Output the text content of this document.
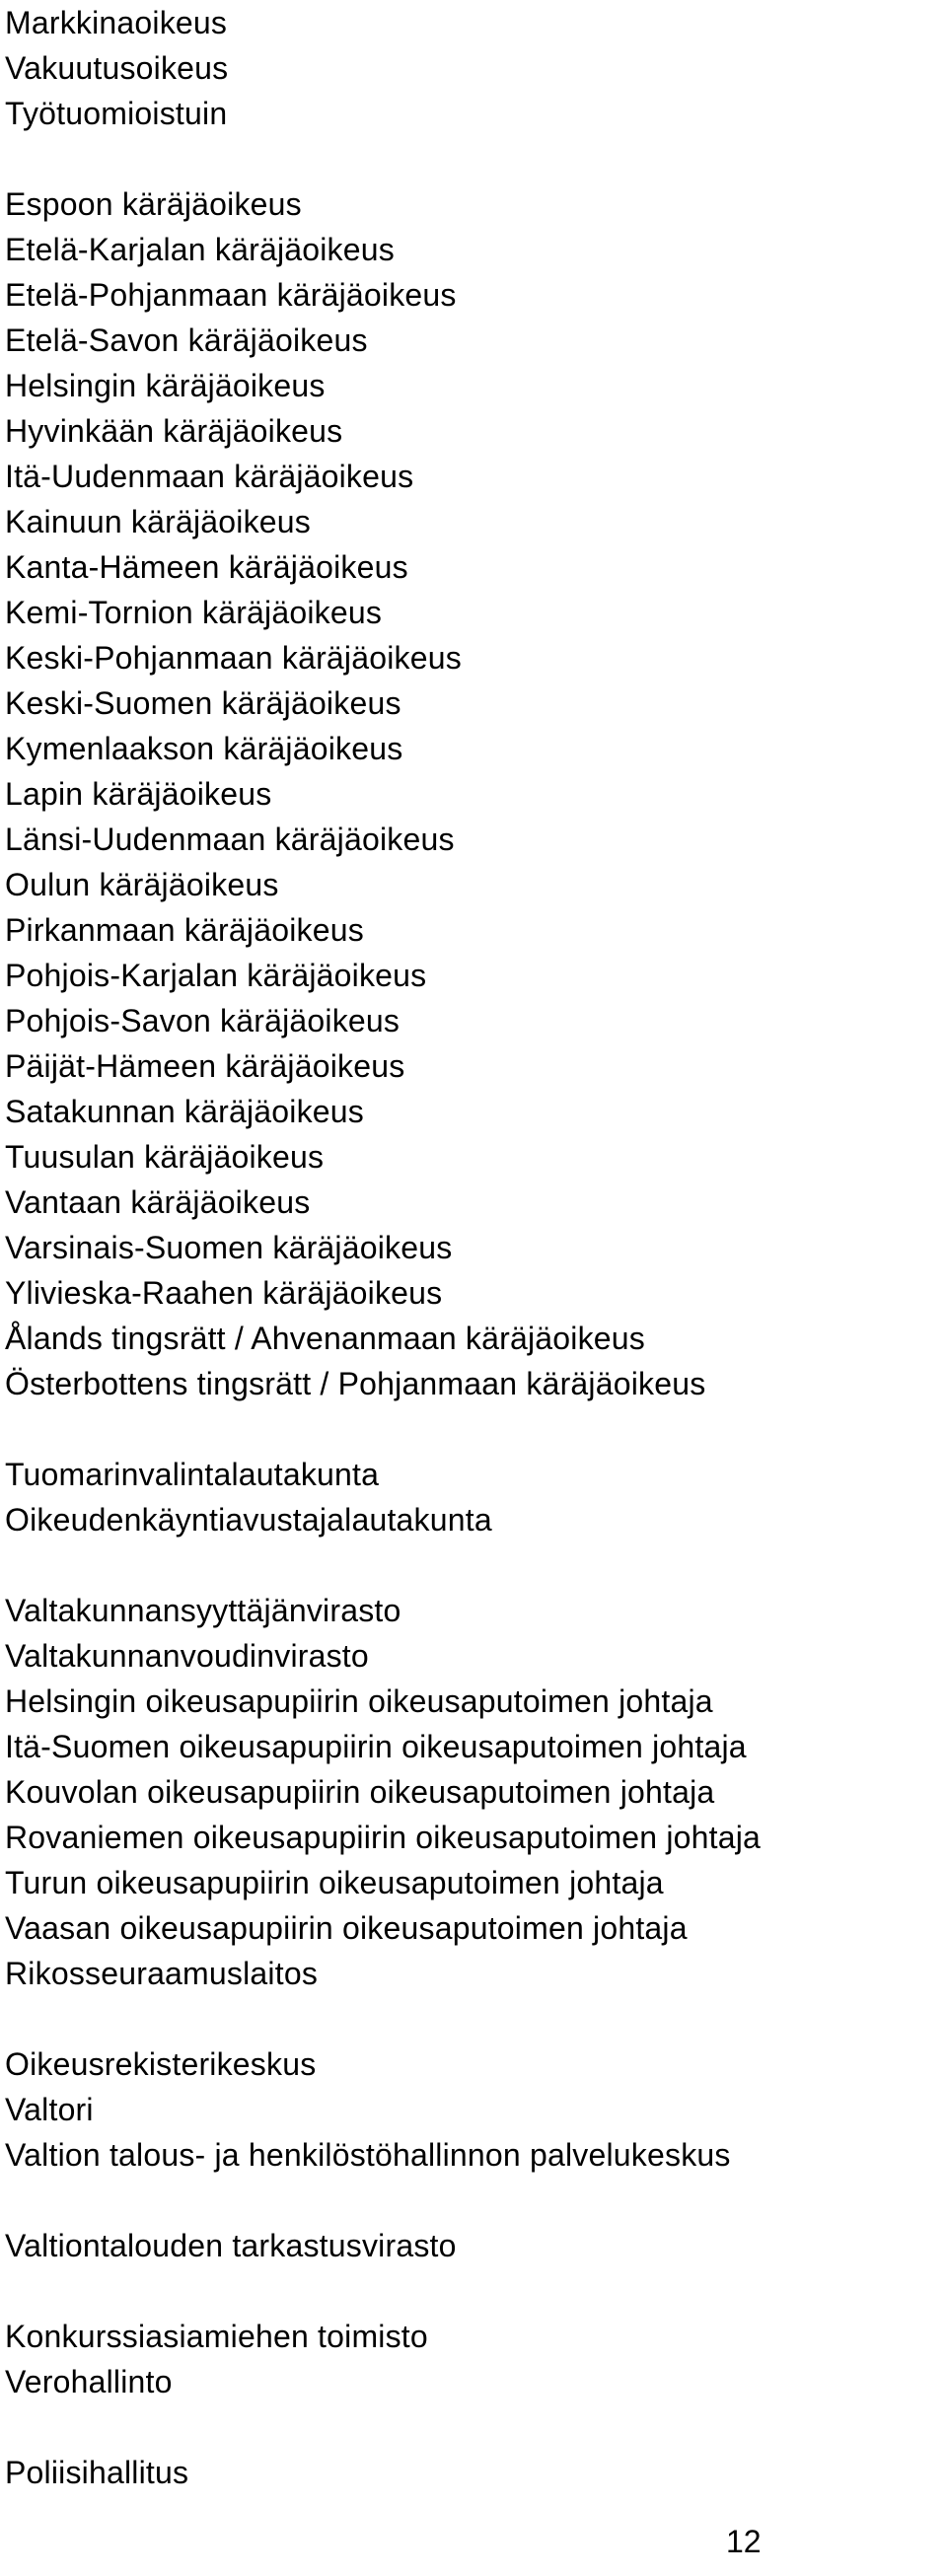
Markkinaoikeus
Vakuutusoikeus
Työtuomioistuin
Espoon käräjäoikeus
Etelä-Karjalan käräjäoikeus
Etelä-Pohjanmaan käräjäoikeus
Etelä-Savon käräjäoikeus
Helsingin käräjäoikeus
Hyvinkään käräjäoikeus
Itä-Uudenmaan käräjäoikeus
Kainuun käräjäoikeus
Kanta-Hämeen käräjäoikeus
Kemi-Tornion käräjäoikeus
Keski-Pohjanmaan käräjäoikeus
Keski-Suomen käräjäoikeus
Kymenlaakson käräjäoikeus
Lapin käräjäoikeus
Länsi-Uudenmaan käräjäoikeus
Oulun käräjäoikeus
Pirkanmaan käräjäoikeus
Pohjois-Karjalan käräjäoikeus
Pohjois-Savon käräjäoikeus
Päijät-Hämeen käräjäoikeus
Satakunnan käräjäoikeus
Tuusulan käräjäoikeus
Vantaan käräjäoikeus
Varsinais-Suomen käräjäoikeus
Ylivieska-Raahen käräjäoikeus
Ålands tingsrätt / Ahvenanmaan käräjäoikeus
Österbottens tingsrätt / Pohjanmaan käräjäoikeus
Tuomarinvalintalautakunta
Oikeudenkäyntiavustajalautakunta
Valtakunnansyyttäjänvirasto
Valtakunnanvoudinvirasto
Helsingin oikeusapupiirin oikeusaputoimen johtaja
Itä-Suomen oikeusapupiirin oikeusaputoimen johtaja
Kouvolan oikeusapupiirin oikeusaputoimen johtaja
Rovaniemen oikeusapupiirin oikeusaputoimen johtaja
Turun oikeusapupiirin oikeusaputoimen johtaja
Vaasan oikeusapupiirin oikeusaputoimen johtaja
Rikosseuraamuslaitos
Oikeusrekisterikeskus
Valtori
Valtion talous- ja henkilöstöhallinnon palvelukeskus
Valtiontalouden tarkastusvirasto
Konkurssiasiamiehen toimisto
Verohallinto
Poliisihallitus
12
